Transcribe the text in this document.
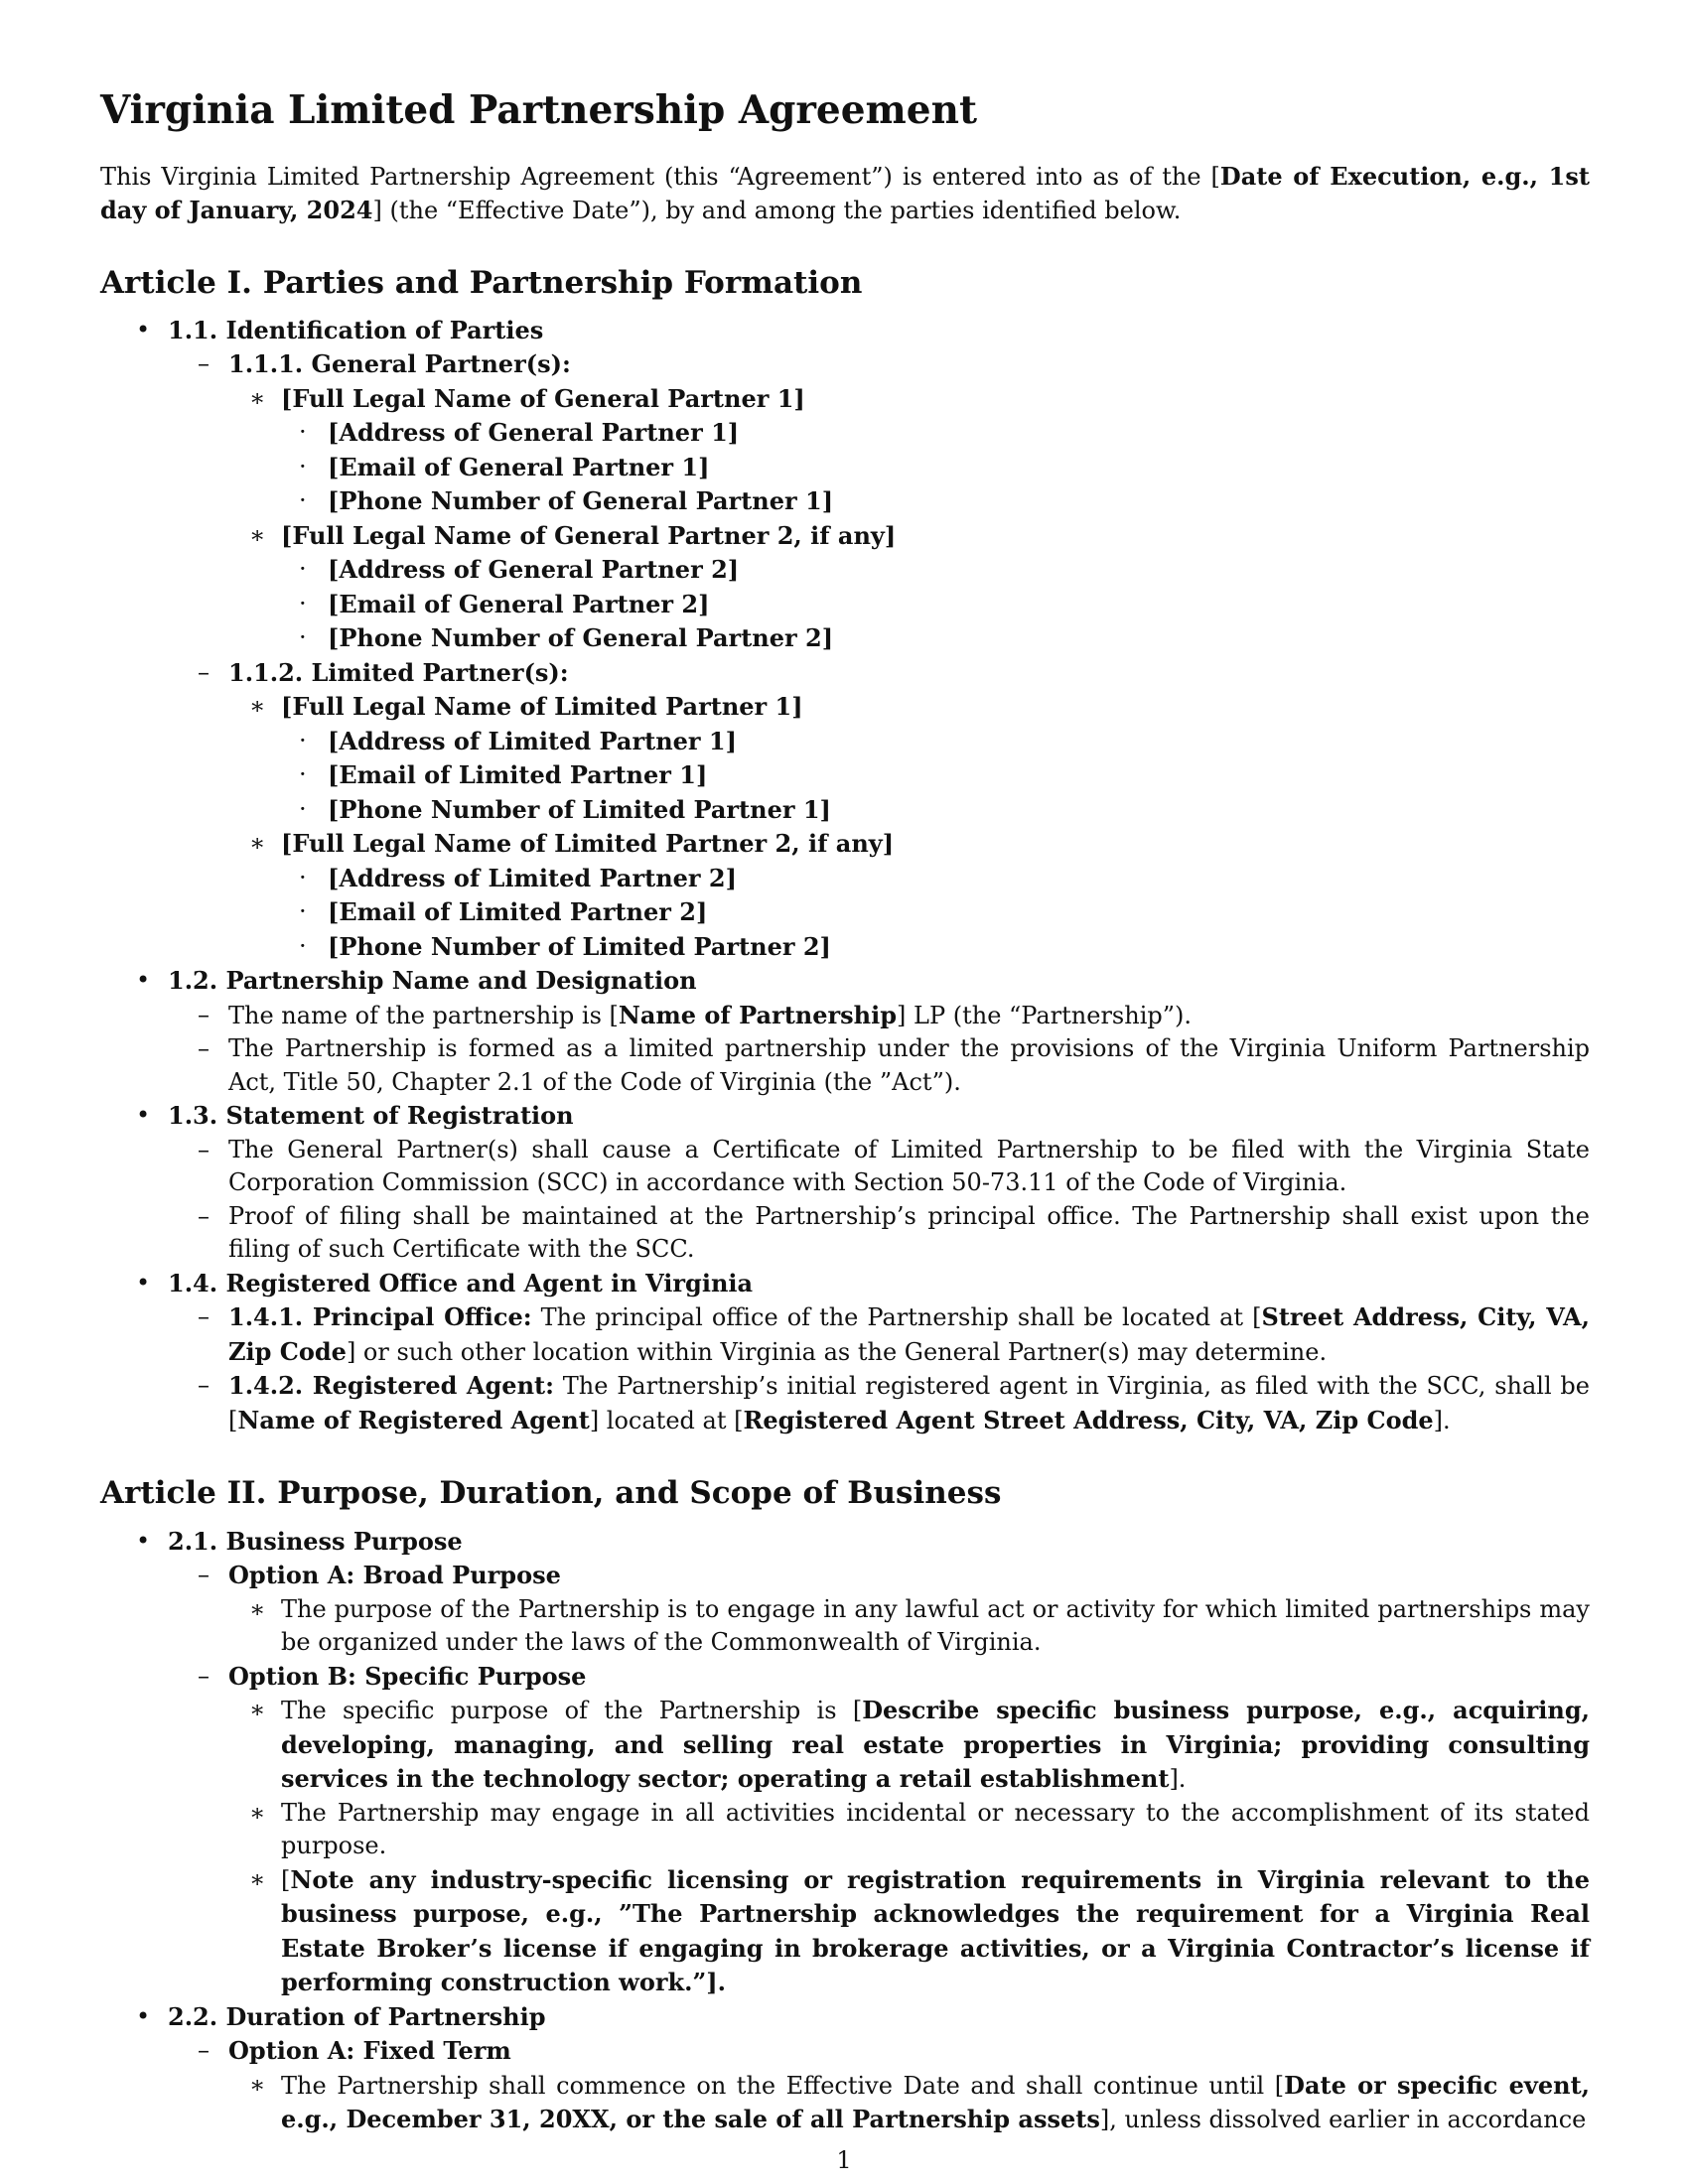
Virginia Limited Partnership Agreement

This Virginia Limited Partnership Agreement (this “Agreement”) is entered into as of the [Date of Execution, e.g., 1st day of January, 2024] (the “Effective Date”), by and among the parties identified below.

Article I. Parties and Partnership Formation
• 1.1. Identification of Parties
– 1.1.1. General Partner(s):
∗ [Full Legal Name of General Partner 1]
· [Address of General Partner 1]
· [Email of General Partner 1]
· [Phone Number of General Partner 1]
∗ [Full Legal Name of General Partner 2, if any]
· [Address of General Partner 2]
· [Email of General Partner 2]
· [Phone Number of General Partner 2]
– 1.1.2. Limited Partner(s):
∗ [Full Legal Name of Limited Partner 1]
· [Address of Limited Partner 1]
· [Email of Limited Partner 1]
· [Phone Number of Limited Partner 1]
∗ [Full Legal Name of Limited Partner 2, if any]
· [Address of Limited Partner 2]
· [Email of Limited Partner 2]
· [Phone Number of Limited Partner 2]
• 1.2. Partnership Name and Designation
– The name of the partnership is [Name of Partnership] LP (the “Partnership”).
– The Partnership is formed as a limited partnership under the provisions of the Virginia Uniform Partnership Act, Title 50, Chapter 2.1 of the Code of Virginia (the ”Act”).
• 1.3. Statement of Registration
– The General Partner(s) shall cause a Certificate of Limited Partnership to be filed with the Virginia State Corporation Commission (SCC) in accordance with Section 50-73.11 of the Code of Virginia.
– Proof of filing shall be maintained at the Partnership’s principal office. The Partnership shall exist upon the filing of such Certificate with the SCC.
• 1.4. Registered Office and Agent in Virginia
– 1.4.1. Principal Office: The principal office of the Partnership shall be located at [Street Address, City, VA, Zip Code] or such other location within Virginia as the General Partner(s) may determine.
– 1.4.2. Registered Agent: The Partnership’s initial registered agent in Virginia, as filed with the SCC, shall be [Name of Registered Agent] located at [Registered Agent Street Address, City, VA, Zip Code].
Article II. Purpose, Duration, and Scope of Business
• 2.1. Business Purpose
– Option A: Broad Purpose
∗ The purpose of the Partnership is to engage in any lawful act or activity for which limited partnerships may be organized under the laws of the Commonwealth of Virginia.
– Option B: Specific Purpose
∗ The specific purpose of the Partnership is [Describe specific business purpose, e.g., acquiring, developing, managing, and selling real estate properties in Virginia; providing consulting services in the technology sector; operating a retail establishment].
∗ The Partnership may engage in all activities incidental or necessary to the accomplishment of its stated purpose.
∗ [Note any industry-specific licensing or registration requirements in Virginia relevant to the business purpose, e.g., ”The Partnership acknowledges the requirement for a Virginia Real Estate Broker’s license if engaging in brokerage activities, or a Virginia Contractor’s license if performing construction work.”].
• 2.2. Duration of Partnership
– Option A: Fixed Term
∗ The Partnership shall commence on the Effective Date and shall continue until [Date or specific event, e.g., December 31, 20XX, or the sale of all Partnership assets], unless dissolved earlier in accordance
1
